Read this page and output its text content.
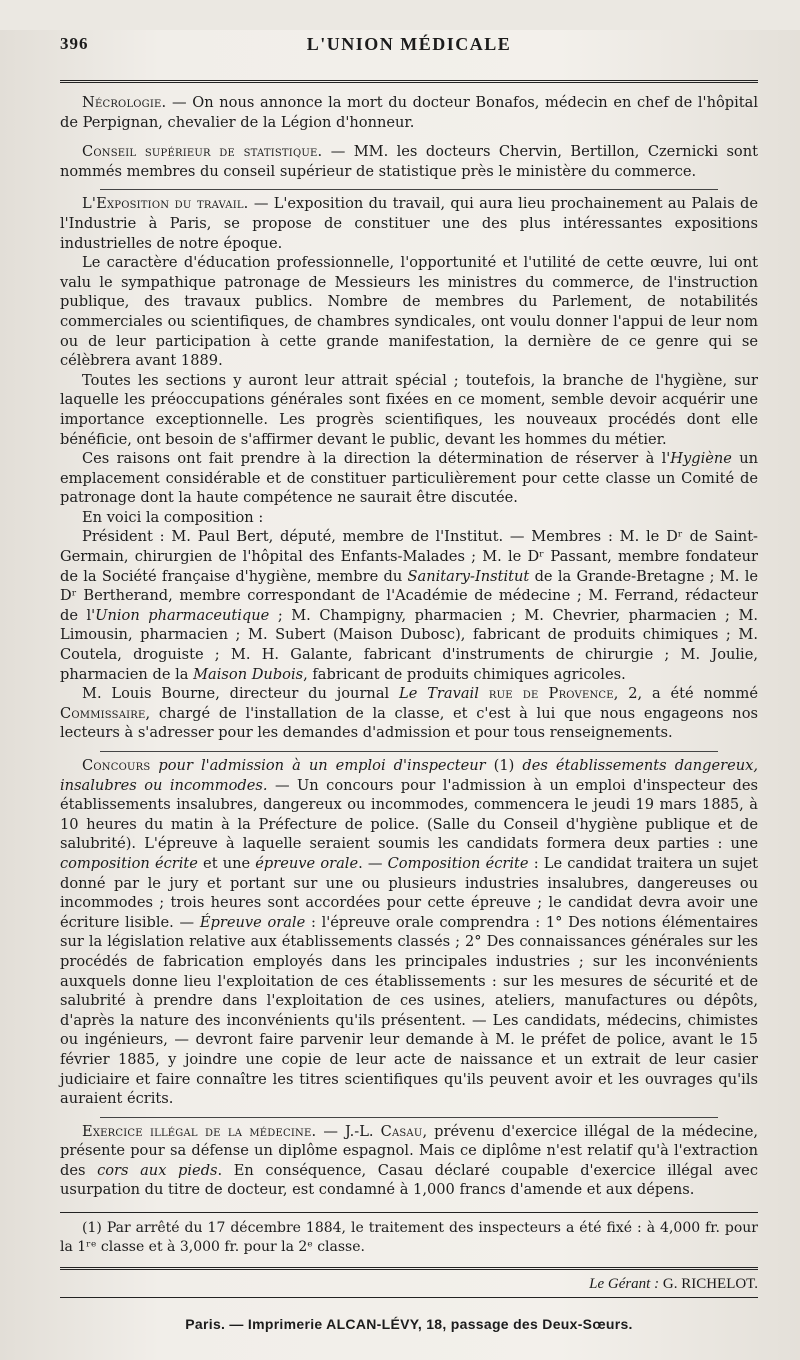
396	L'UNION MÉDICALE

Nécrologie. — On nous annonce la mort du docteur Bonafos, médecin en chef de l'hôpital de Perpignan, chevalier de la Légion d'honneur.

Conseil supérieur de statistique. — MM. les docteurs Chervin, Bertillon, Czernicki sont nommés membres du conseil supérieur de statistique près le ministère du commerce.

L'Exposition du travail. — L'exposition du travail, qui aura lieu prochainement au Palais de l'Industrie à Paris, se propose de constituer une des plus intéressantes expositions industrielles de notre époque.

Le caractère d'éducation professionnelle, l'opportunité et l'utilité de cette œuvre, lui ont valu le sympathique patronage de Messieurs les ministres du commerce, de l'instruction publique, des travaux publics. Nombre de membres du Parlement, de notabilités commerciales ou scientifiques, de chambres syndicales, ont voulu donner l'appui de leur nom ou de leur participation à cette grande manifestation, la dernière de ce genre qui se célèbrera avant 1889.

Toutes les sections y auront leur attrait spécial ; toutefois, la branche de l'hygiène, sur laquelle les préoccupations générales sont fixées en ce moment, semble devoir acquérir une importance exceptionnelle. Les progrès scientifiques, les nouveaux procédés dont elle bénéficie, ont besoin de s'affirmer devant le public, devant les hommes du métier.

Ces raisons ont fait prendre à la direction la détermination de réserver à l'Hygiène un emplacement considérable et de constituer particulièrement pour cette classe un Comité de patronage dont la haute compétence ne saurait être discutée.

En voici la composition :

Président : M. Paul Bert, député, membre de l'Institut. — Membres : M. le Dʳ de Saint-Germain, chirurgien de l'hôpital des Enfants-Malades ; M. le Dʳ Passant, membre fondateur de la Société française d'hygiène, membre du Sanitary-Institut de la Grande-Bretagne ; M. le Dʳ Bertherand, membre correspondant de l'Académie de médecine ; M. Ferrand, rédacteur de l'Union pharmaceutique ; M. Champigny, pharmacien ; M. Chevrier, pharmacien ; M. Limousin, pharmacien ; M. Subert (Maison Dubosc), fabricant de produits chimiques ; M. Coutela, droguiste ; M. H. Galante, fabricant d'instruments de chirurgie ; M. Joulie, pharmacien de la Maison Dubois, fabricant de produits chimiques agricoles.

M. Louis Bourne, directeur du journal Le Travail rue de Provence, 2, a été nommé Commissaire, chargé de l'installation de la classe, et c'est à lui que nous engageons nos lecteurs à s'adresser pour les demandes d'admission et pour tous renseignements.

Concours pour l'admission à un emploi d'inspecteur (1) des établissements dangereux, insalubres ou incommodes. — Un concours pour l'admission à un emploi d'inspecteur des établissements insalubres, dangereux ou incommodes, commencera le jeudi 19 mars 1885, à 10 heures du matin à la Préfecture de police. (Salle du Conseil d'hygiène publique et de salubrité). L'épreuve à laquelle seraient soumis les candidats formera deux parties : une composition écrite et une épreuve orale. — Composition écrite : Le candidat traitera un sujet donné par le jury et portant sur une ou plusieurs industries insalubres, dangereuses ou incommodes ; trois heures sont accordées pour cette épreuve ; le candidat devra avoir une écriture lisible. — Épreuve orale : l'épreuve orale comprendra : 1° Des notions élémentaires sur la législation relative aux établissements classés ; 2° Des connaissances générales sur les procédés de fabrication employés dans les principales industries ; sur les inconvénients auxquels donne lieu l'exploitation de ces établissements : sur les mesures de sécurité et de salubrité à prendre dans l'exploitation de ces usines, ateliers, manufactures ou dépôts, d'après la nature des inconvénients qu'ils présentent. — Les candidats, médecins, chimistes ou ingénieurs, — devront faire parvenir leur demande à M. le préfet de police, avant le 15 février 1885, y joindre une copie de leur acte de naissance et un extrait de leur casier judiciaire et faire connaître les titres scientifiques qu'ils peuvent avoir et les ouvrages qu'ils auraient écrits.

Exercice illégal de la médecine. — J.-L. Casau, prévenu d'exercice illégal de la médecine, présente pour sa défense un diplôme espagnol. Mais ce diplôme n'est relatif qu'à l'extraction des cors aux pieds. En conséquence, Casau déclaré coupable d'exercice illégal avec usurpation du titre de docteur, est condamné à 1,000 francs d'amende et aux dépens.

(1) Par arrêté du 17 décembre 1884, le traitement des inspecteurs a été fixé : à 4,000 fr. pour la 1ʳᵉ classe et à 3,000 fr. pour la 2ᵉ classe.

Le Gérant : G. RICHELOT.
Paris. — Imprimerie ALCAN-LÉVY, 18, passage des Deux-Sœurs.
